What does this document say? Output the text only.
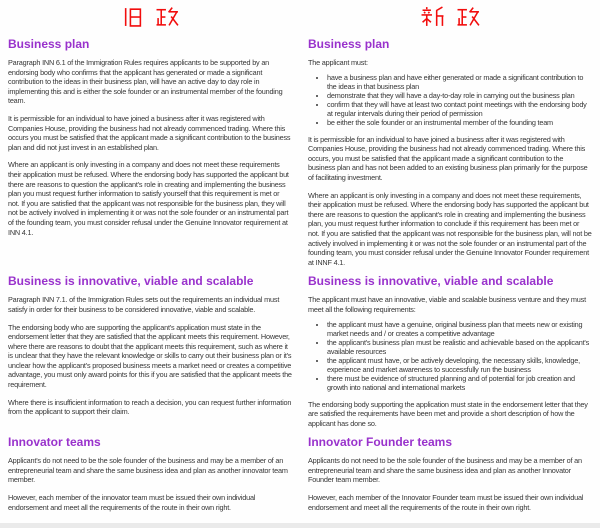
Business plan

Paragraph INN 6.1 of the Immigration Rules requires applicants to be supported by an endorsing body who confirms that the applicant has generated or made a significant contribution to the ideas in their business plan, will have an active day to day role in implementing this and is either the sole founder or an instrumental member of the founding team.

It is permissible for an individual to have joined a business after it was registered with Companies House, providing the business had not already commenced trading. Where this occurs you must be satisfied that the applicant made a significant contribution to the business plan and did not just invest in an established plan.

Where an applicant is only investing in a company and does not meet these requirements their application must be refused. Where the endorsing body has supported the applicant but there are reasons to question the applicant's role in creating and implementing the business plan you must request further information to satisfy yourself that this requirement is met or not. If you are satisfied that the applicant was not responsible for the business plan, they will not be actively involved in implementing it or was not the sole founder or an instrumental part of the founding team, you must consider refusal under the Genuine Innovator requirement at INN 4.1.

Business plan

The applicant must:

• have a business plan and have either generated or made a significant contribution to the ideas in that business plan
• demonstrate that they will have a day-to-day role in carrying out the business plan
• confirm that they will have at least two contact point meetings with the endorsing body at regular intervals during their period of permission
• be either the sole founder or an instrumental member of the founding team

It is permissible for an individual to have joined a business after it was registered with Companies House, providing the business had not already commenced trading. Where this occurs, you must be satisfied that the applicant made a significant contribution to the business plan and has not been added to an existing business plan primarily for the purpose of facilitating investment.

Where an applicant is only investing in a company and does not meet these requirements, their application must be refused. Where the endorsing body has supported the applicant but there are reasons to question the applicant's role in creating and implementing the business plan, you must request further information to conclude if this requirement has been met or not. If you are satisfied that the applicant was not responsible for the business plan, will not be actively involved in implementing it or was not the sole founder or an instrumental part of the founding team, you must consider refusal under the Genuine Innovator Founder requirement at INNF 4.1.

Business is innovative, viable and scalable

Paragraph INN 7.1. of the Immigration Rules sets out the requirements an individual must satisfy in order for their business to be considered innovative, viable and scalable.

The endorsing body who are supporting the applicant's application must state in the endorsement letter that they are satisfied that the applicant meets this requirement. However, where there are reasons to doubt that the applicant meets this requirement, such as where it is unclear that they have the relevant knowledge or skills to carry out their business plan or it's unclear how the applicant's proposed business meets a market need or creates a competitive advantage, you must only award points for this if you are satisfied that the applicant meets the requirement.

Where there is insufficient information to reach a decision, you can request further information from the applicant to support their claim.

Business is innovative, viable and scalable

The applicant must have an innovative, viable and scalable business venture and they must meet all the following requirements:

• the applicant must have a genuine, original business plan that meets new or existing market needs and / or creates a competitive advantage
• the applicant's business plan must be realistic and achievable based on the applicant's available resources
• the applicant must have, or be actively developing, the necessary skills, knowledge, experience and market awareness to successfully run the business
• there must be evidence of structured planning and of potential for job creation and growth into national and international markets

The endorsing body supporting the application must state in the endorsement letter that they are satisfied the requirements have been met and provide a short description of how the applicant has done so.

Innovator teams

Applicant's do not need to be the sole founder of the business and may be a member of an entrepreneurial team and share the same business idea and plan as another innovator team member.

However, each member of the innovator team must be issued their own individual endorsement and meet all the requirements of the route in their own right.

Innovator Founder teams

Applicants do not need to be the sole founder of the business and may be a member of an entrepreneurial team and share the same business idea and plan as another Innovator Founder team member.

However, each member of the Innovator Founder team must be issued their own individual endorsement and meet all the requirements of the route in their own right.
